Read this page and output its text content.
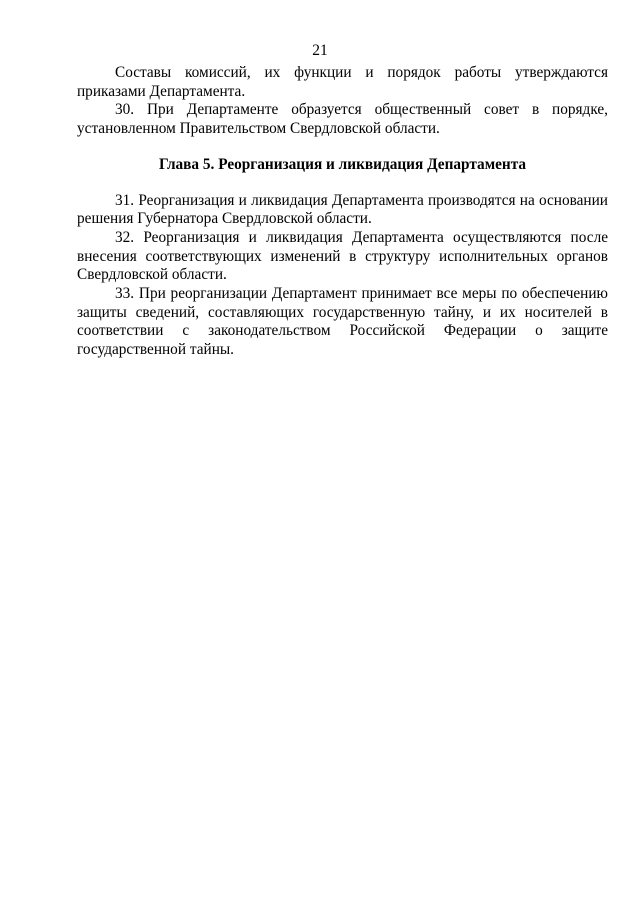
21

Составы комиссий, их функции и порядок работы утверждаются приказами Департамента.

30. При Департаменте образуется общественный совет в порядке, установленном Правительством Свердловской области.

Глава 5. Реорганизация и ликвидация Департамента

31. Реорганизация и ликвидация Департамента производятся на основании решения Губернатора Свердловской области.

32. Реорганизация и ликвидация Департамента осуществляются после внесения соответствующих изменений в структуру исполнительных органов Свердловской области.

33. При реорганизации Департамент принимает все меры по обеспечению защиты сведений, составляющих государственную тайну, и их носителей в соответствии с законодательством Российской Федерации о защите государственной тайны.
